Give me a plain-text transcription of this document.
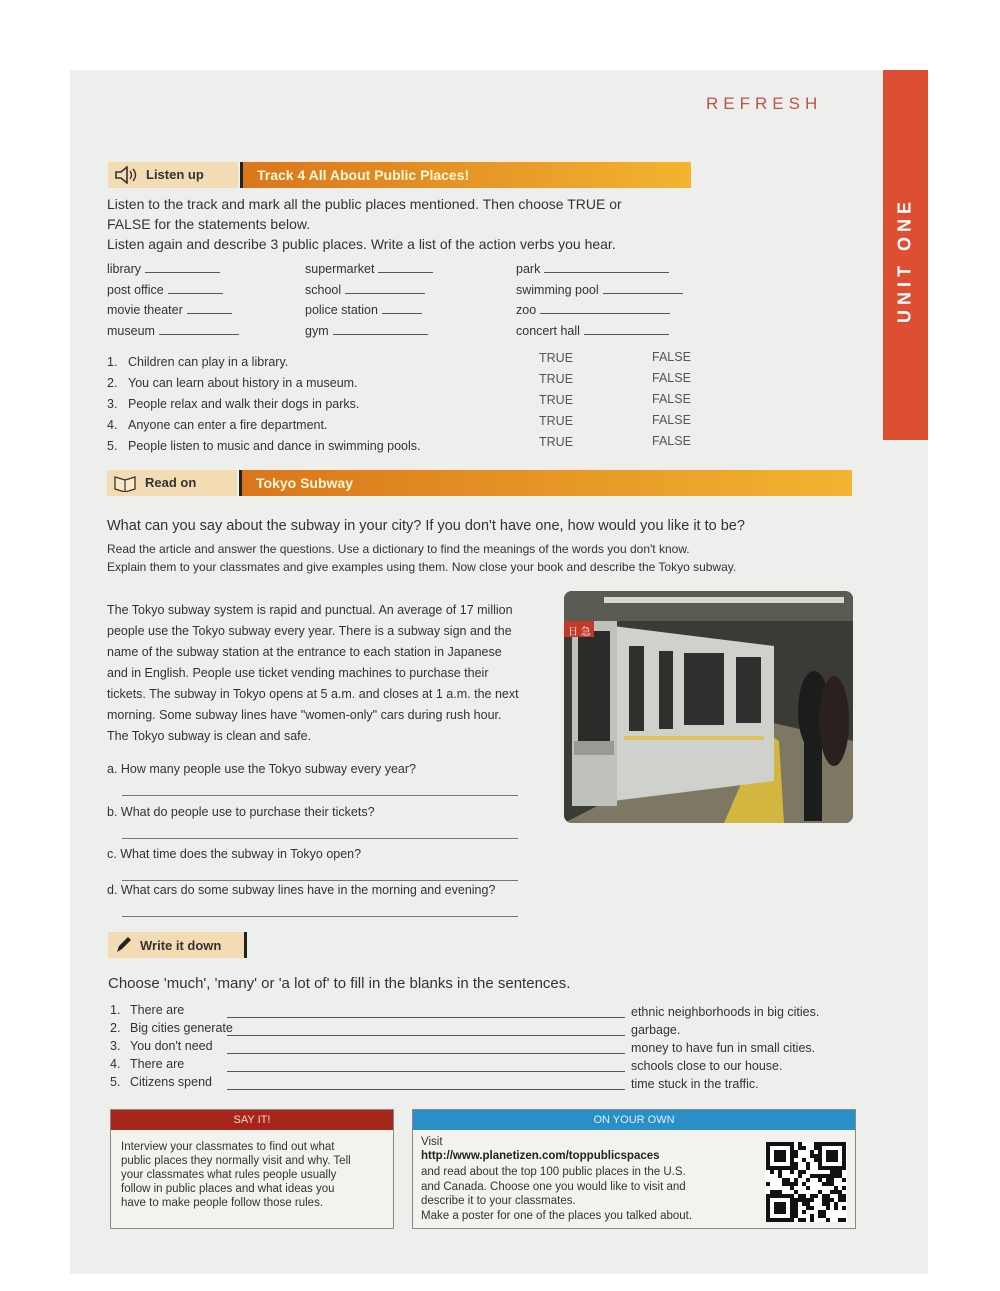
REFRESH
UNIT ONE
Listen up	Track 4 All About Public Places!
Listen to the track and mark all the public places mentioned. Then choose TRUE or
FALSE for the statements below.
Listen again and describe 3 public places. Write a list of the action verbs you hear.
Read on	Tokyo Subway
What can you say about the subway in your city? If you don't have one, how would you like it to be?
Read the article and answer the questions. Use a dictionary to find the meanings of the words you don't know.
Explain them to your classmates and give examples using them. Now close your book and describe the Tokyo subway.
The Tokyo subway system is rapid and punctual. An average of 17 million
people use the Tokyo subway every year. There is a subway sign and the
name of the subway station at the entrance to each station in Japanese
and in English. People use ticket vending machines to purchase their
tickets. The subway in Tokyo opens at 5 a.m. and closes at 1 a.m. the next
morning. Some subway lines have "women-only" cars during rush hour.
The Tokyo subway is clean and safe.
日 急
Write it down
Choose 'much', 'many' or 'a lot of' to fill in the blanks in the sentences.
SAY IT!
Interview your classmates to find out what
public places they normally visit and why. Tell
your classmates what rules people usually
follow in public places and what ideas you
have to make people follow those rules.
ON YOUR OWN
Visit
http://www.planetizen.com/toppublicspaces
and read about the top 100 public places in the U.S.
and Canada. Choose one you would like to visit and
describe it to your classmates.
Make a poster for one of the places you talked about.
library	supermarket	park
post office	school	swimming pool
movie theater	police station	zoo
museum	gym	concert hall
1. Children can play in a library.	TRUE	FALSE
2. You can learn about history in a museum.	TRUE	FALSE
3. People relax and walk their dogs in parks.	TRUE	FALSE
4. Anyone can enter a fire department.	TRUE	FALSE
5. People listen to music and dance in swimming pools.	TRUE	FALSE
a. How many people use the Tokyo subway every year?
b. What do people use to purchase their tickets?
c. What time does the subway in Tokyo open?
d. What cars do some subway lines have in the morning and evening?
1. There are	ethnic neighborhoods in big cities.
2. Big cities generate	garbage.
3. You don't need	money to have fun in small cities.
4. There are	schools close to our house.
5. Citizens spend	time stuck in the traffic.
